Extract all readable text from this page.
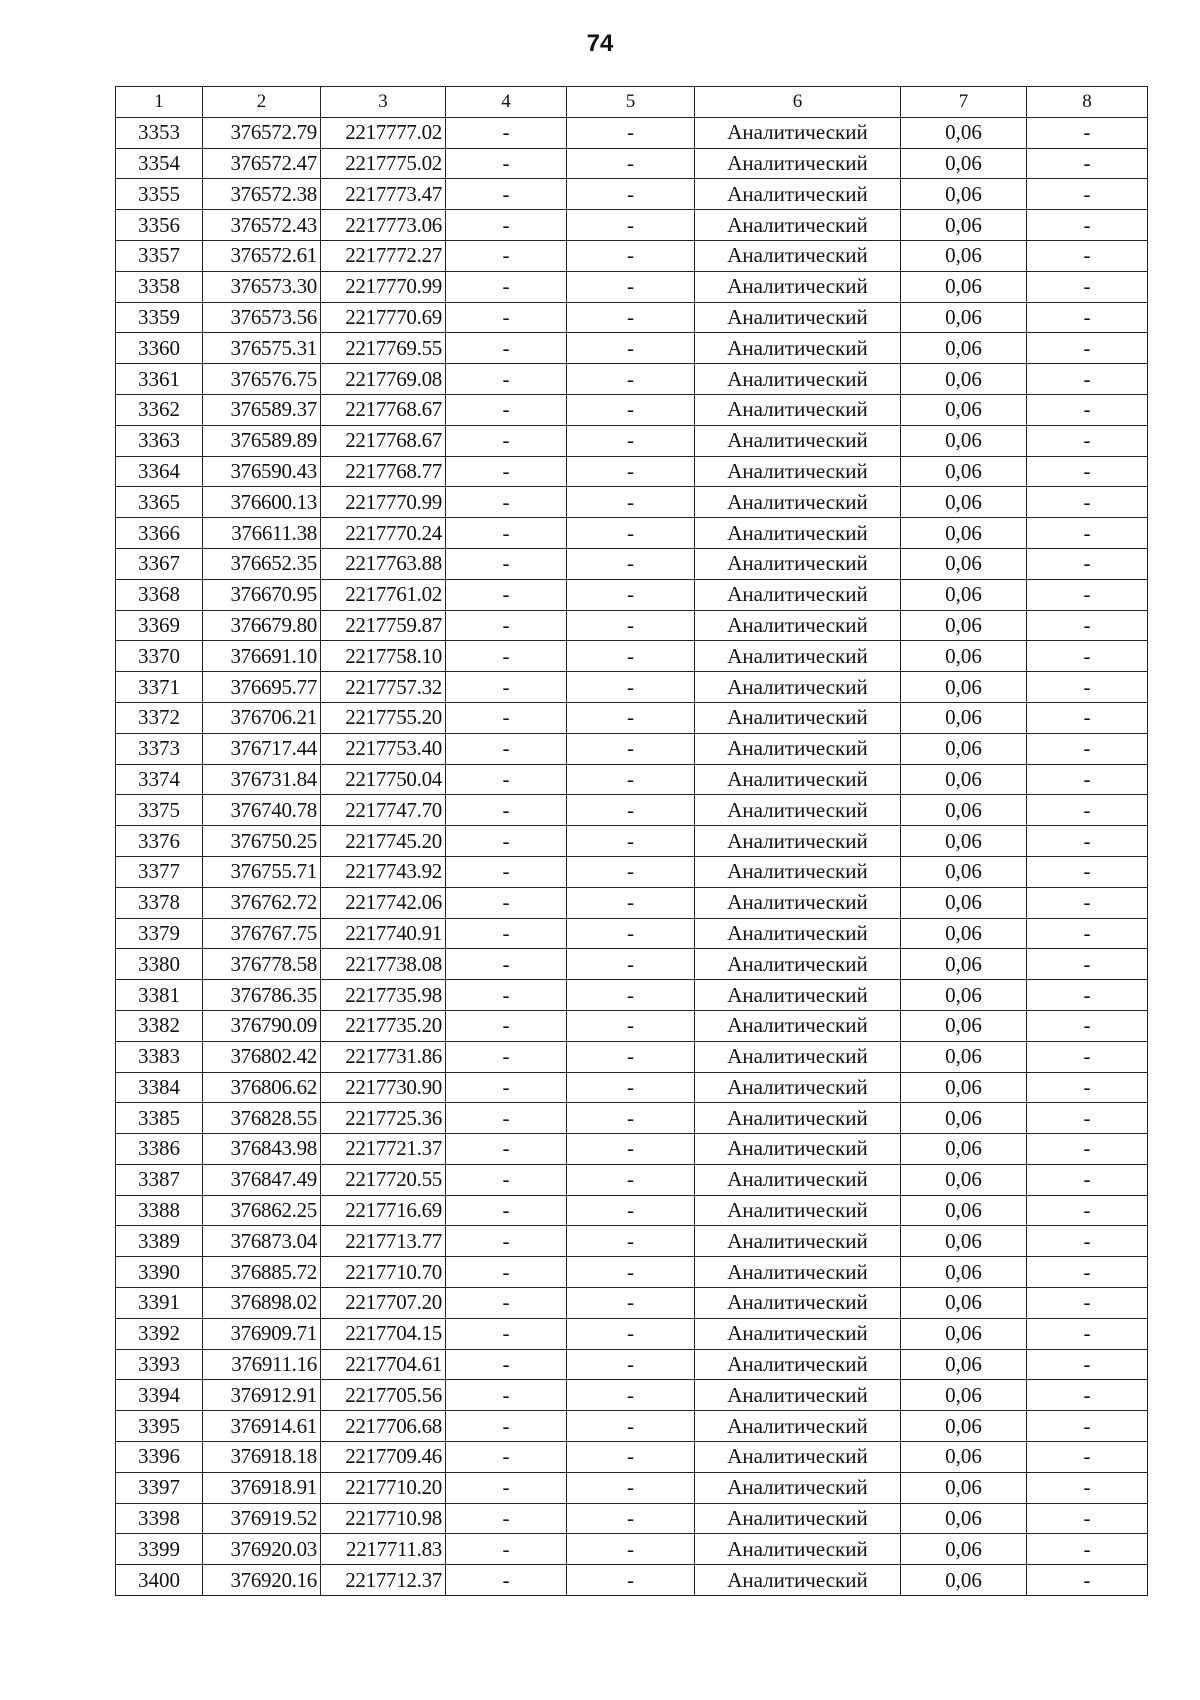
74
1	2	3	4	5	6	7	8
3353	376572.79	2217777.02	-	-	Аналитический	0,06	-
3354	376572.47	2217775.02	-	-	Аналитический	0,06	-
3355	376572.38	2217773.47	-	-	Аналитический	0,06	-
3356	376572.43	2217773.06	-	-	Аналитический	0,06	-
3357	376572.61	2217772.27	-	-	Аналитический	0,06	-
3358	376573.30	2217770.99	-	-	Аналитический	0,06	-
3359	376573.56	2217770.69	-	-	Аналитический	0,06	-
3360	376575.31	2217769.55	-	-	Аналитический	0,06	-
3361	376576.75	2217769.08	-	-	Аналитический	0,06	-
3362	376589.37	2217768.67	-	-	Аналитический	0,06	-
3363	376589.89	2217768.67	-	-	Аналитический	0,06	-
3364	376590.43	2217768.77	-	-	Аналитический	0,06	-
3365	376600.13	2217770.99	-	-	Аналитический	0,06	-
3366	376611.38	2217770.24	-	-	Аналитический	0,06	-
3367	376652.35	2217763.88	-	-	Аналитический	0,06	-
3368	376670.95	2217761.02	-	-	Аналитический	0,06	-
3369	376679.80	2217759.87	-	-	Аналитический	0,06	-
3370	376691.10	2217758.10	-	-	Аналитический	0,06	-
3371	376695.77	2217757.32	-	-	Аналитический	0,06	-
3372	376706.21	2217755.20	-	-	Аналитический	0,06	-
3373	376717.44	2217753.40	-	-	Аналитический	0,06	-
3374	376731.84	2217750.04	-	-	Аналитический	0,06	-
3375	376740.78	2217747.70	-	-	Аналитический	0,06	-
3376	376750.25	2217745.20	-	-	Аналитический	0,06	-
3377	376755.71	2217743.92	-	-	Аналитический	0,06	-
3378	376762.72	2217742.06	-	-	Аналитический	0,06	-
3379	376767.75	2217740.91	-	-	Аналитический	0,06	-
3380	376778.58	2217738.08	-	-	Аналитический	0,06	-
3381	376786.35	2217735.98	-	-	Аналитический	0,06	-
3382	376790.09	2217735.20	-	-	Аналитический	0,06	-
3383	376802.42	2217731.86	-	-	Аналитический	0,06	-
3384	376806.62	2217730.90	-	-	Аналитический	0,06	-
3385	376828.55	2217725.36	-	-	Аналитический	0,06	-
3386	376843.98	2217721.37	-	-	Аналитический	0,06	-
3387	376847.49	2217720.55	-	-	Аналитический	0,06	-
3388	376862.25	2217716.69	-	-	Аналитический	0,06	-
3389	376873.04	2217713.77	-	-	Аналитический	0,06	-
3390	376885.72	2217710.70	-	-	Аналитический	0,06	-
3391	376898.02	2217707.20	-	-	Аналитический	0,06	-
3392	376909.71	2217704.15	-	-	Аналитический	0,06	-
3393	376911.16	2217704.61	-	-	Аналитический	0,06	-
3394	376912.91	2217705.56	-	-	Аналитический	0,06	-
3395	376914.61	2217706.68	-	-	Аналитический	0,06	-
3396	376918.18	2217709.46	-	-	Аналитический	0,06	-
3397	376918.91	2217710.20	-	-	Аналитический	0,06	-
3398	376919.52	2217710.98	-	-	Аналитический	0,06	-
3399	376920.03	2217711.83	-	-	Аналитический	0,06	-
3400	376920.16	2217712.37	-	-	Аналитический	0,06	-
